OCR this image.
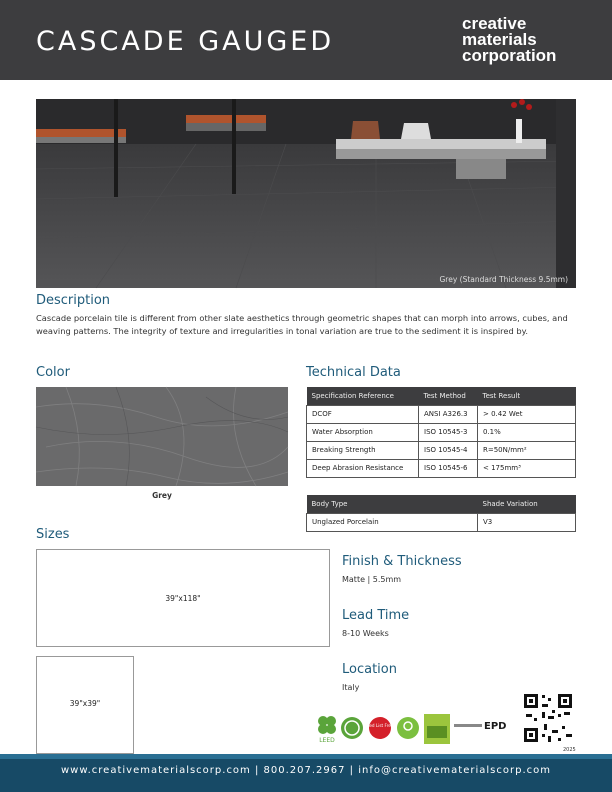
CASCADE GAUGED
creative
materials
corporation
Grey (Standard Thickness 9.5mm)
Description
Cascade porcelain tile is different from other slate aesthetics through geometric shapes that can morph into arrows, cubes, and weaving patterns. The integrity of texture and irregularities in tonal variation are true to the sediment it is inspired by.
Color
Grey
Technical Data
Specification Reference	Test Method	Test Result
DCOF	ANSI A326.3	> 0.42 Wet
Water Absorption	ISO 10545-3	0.1%
Breaking Strength	ISO 10545-4	R=50N/mm²
Deep Abrasion Resistance	ISO 10545-6	< 175mm³
Body Type	Shade Variation
Unglazed Porcelain	V3
Sizes
39"x118"
39"x39"
Finish & Thickness
Matte | 5.5mm
Lead Time
8-10 Weeks
Location
Italy
LEED
Red List Free	EPD
2025
www.creativematerialscorp.com | 800.207.2967 | info@creativematerialscorp.com
